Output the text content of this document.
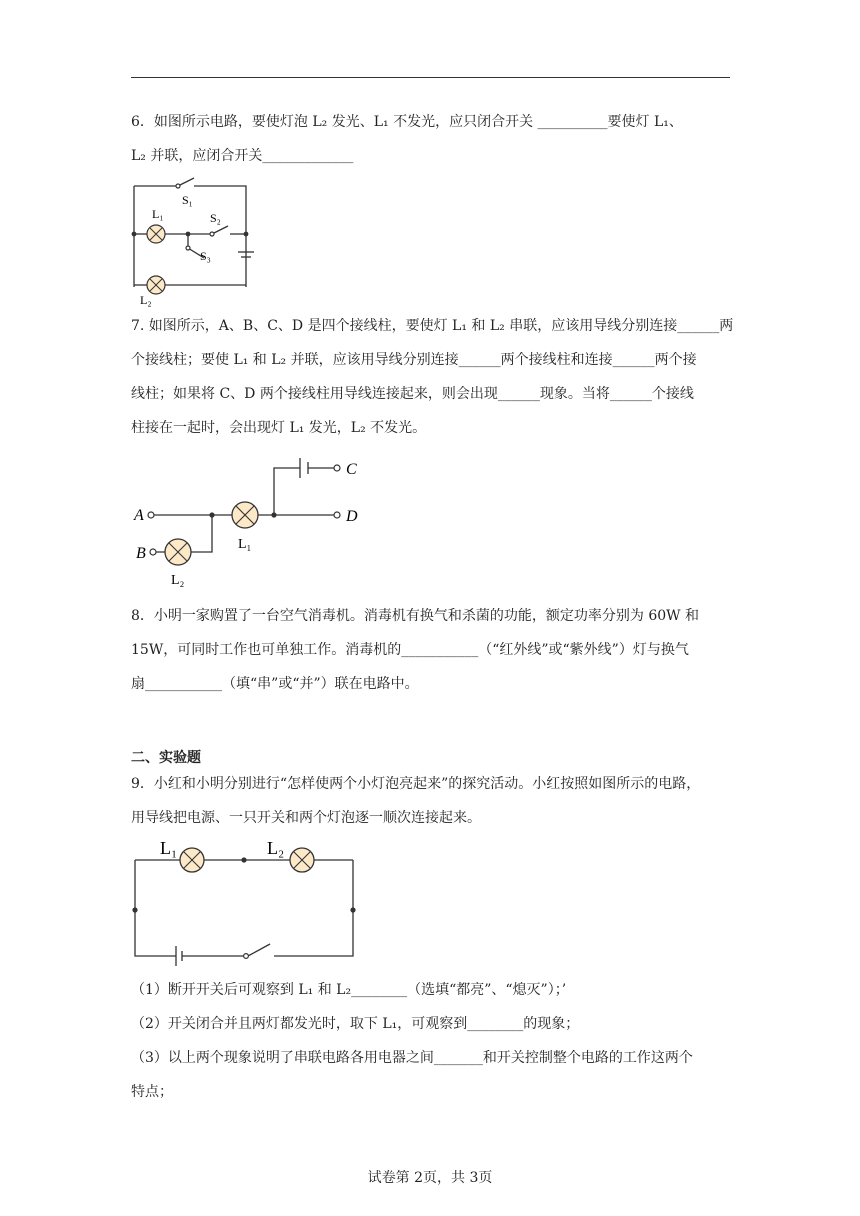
6．如图所示电路，要使灯泡 L₂ 发光、L₁ 不发光，应只闭合开关 __________要使灯 L₁、
L₂ 并联，应闭合开关_____________
S₁
S₂
S₃
L₁
L₂
7. 如图所示，A、B、C、D 是四个接线柱，要使灯 L₁ 和 L₂ 串联，应该用导线分别连接______两
个接线柱；要使 L₁ 和 L₂ 并联，应该用导线分别连接______两个接线柱和连接______两个接
线柱；如果将 C、D 两个接线柱用导线连接起来，则会出现______现象。当将______个接线
柱接在一起时，会出现灯 L₁ 发光，L₂ 不发光。
A
B
C
D
L₁
L₂
8．小明一家购置了一台空气消毒机。消毒机有换气和杀菌的功能，额定功率分别为 60W 和
15W，可同时工作也可单独工作。消毒机的___________（“红外线”或“紫外线”）灯与换气
扇___________（填“串”或“并”）联在电路中。
二、实验题
9．小红和小明分别进行“怎样使两个小灯泡亮起来”的探究活动。小红按照如图所示的电路，
用导线把电源、一只开关和两个灯泡逐一顺次连接起来。
L₁	L₂
（1）断开开关后可观察到 L₁ 和 L₂________（选填“都亮”、“熄灭”）；’
（2）开关闭合并且两灯都发光时，取下 L₁，可观察到________的现象；
（3）以上两个现象说明了串联电路各用电器之间_______和开关控制整个电路的工作这两个
特点；
试卷第 2页，共 3页
